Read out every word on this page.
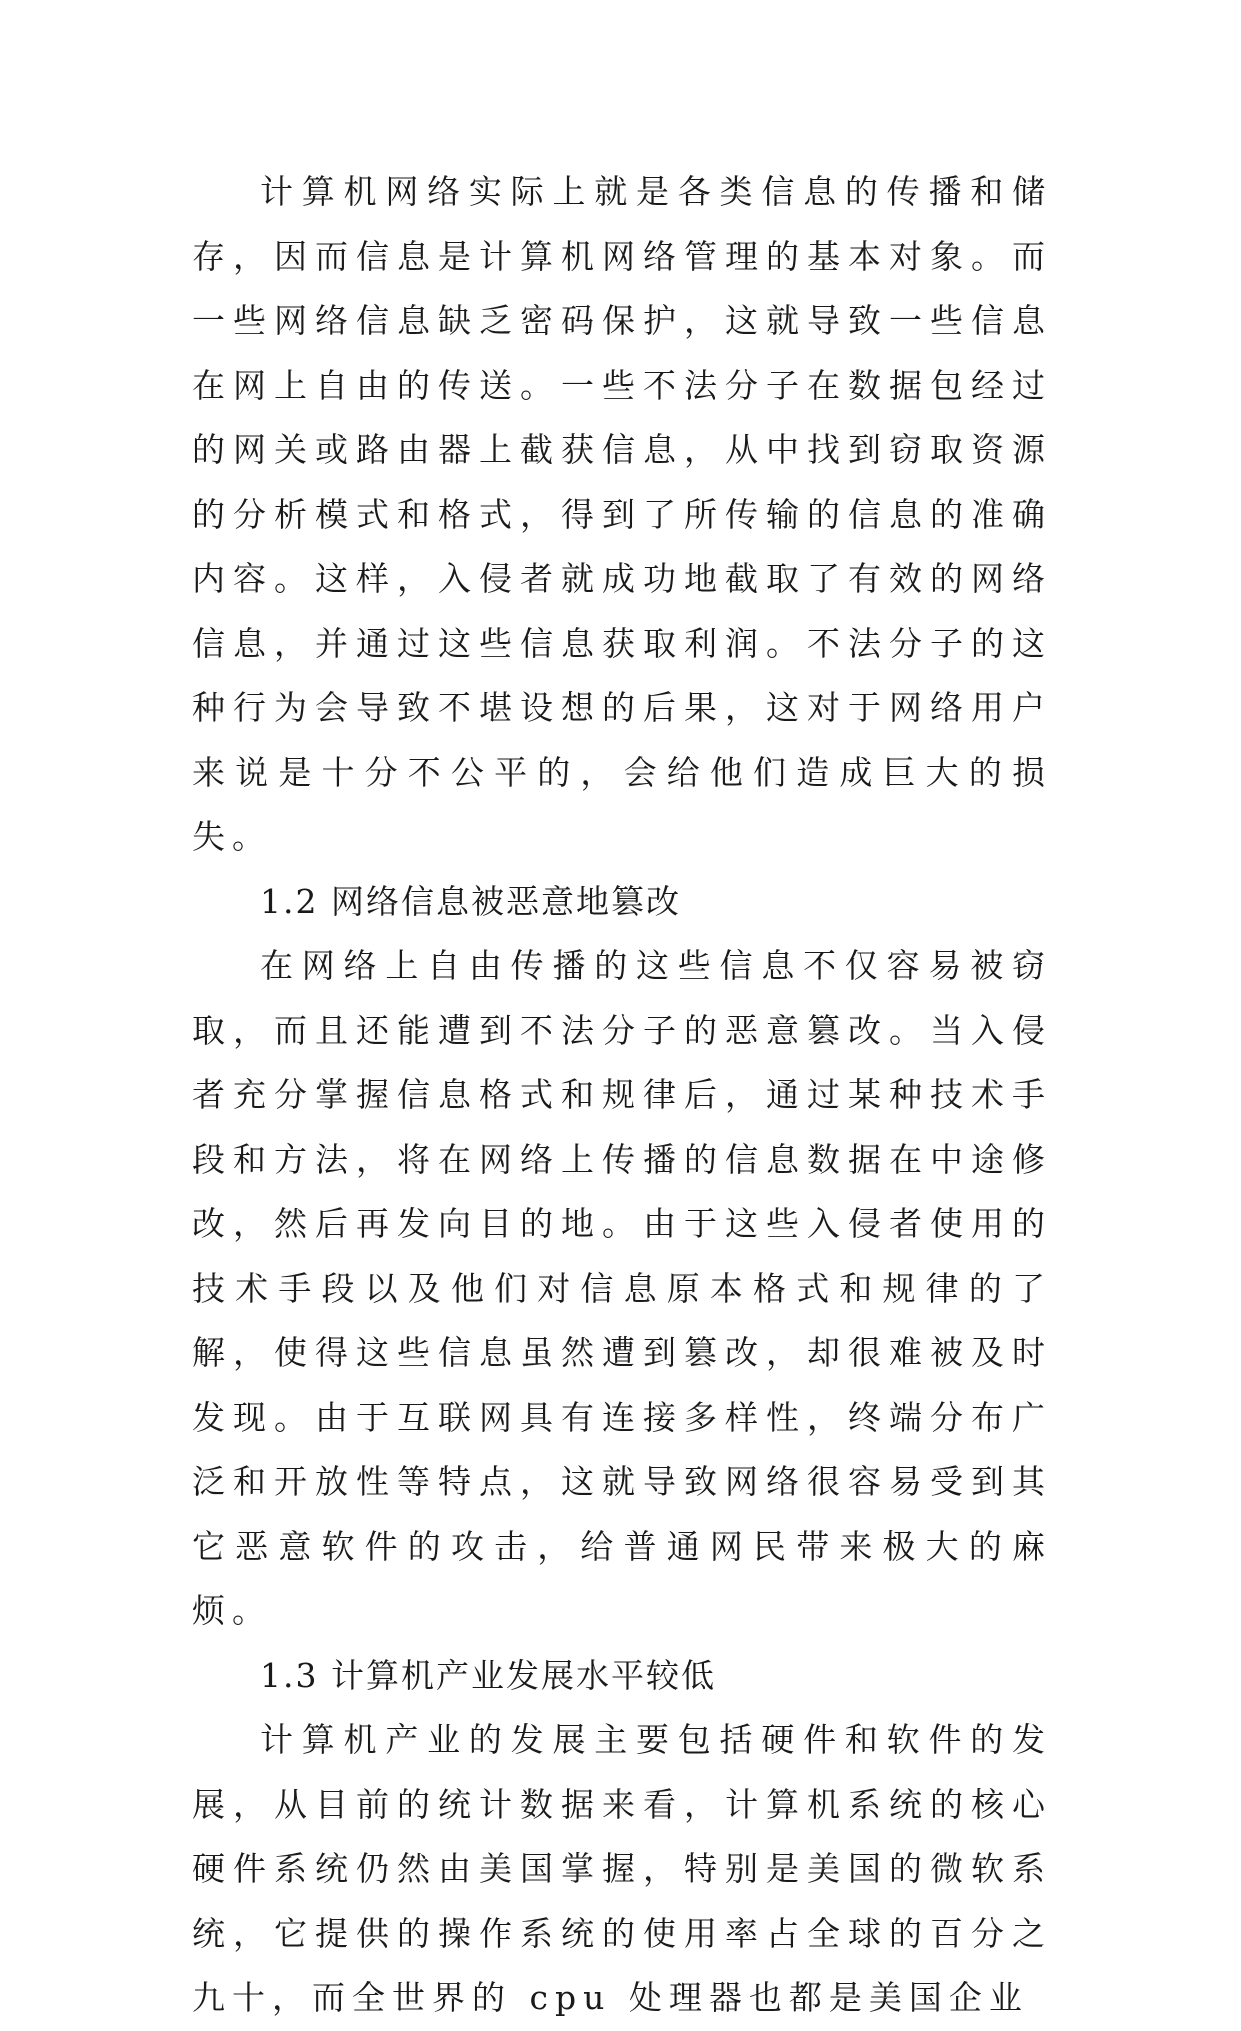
计算机网络实际上就是各类信息的传播和储存，因而信息是计算机网络管理的基本对象。而一些网络信息缺乏密码保护，这就导致一些信息在网上自由的传送。一些不法分子在数据包经过的网关或路由器上截获信息，从中找到窃取资源的分析模式和格式，得到了所传输的信息的准确内容。这样，入侵者就成功地截取了有效的网络信息，并通过这些信息获取利润。不法分子的这种行为会导致不堪设想的后果，这对于网络用户来说是十分不公平的，会给他们造成巨大的损失。

1.2 网络信息被恶意地篡改

在网络上自由传播的这些信息不仅容易被窃取，而且还能遭到不法分子的恶意篡改。当入侵者充分掌握信息格式和规律后，通过某种技术手段和方法，将在网络上传播的信息数据在中途修改，然后再发向目的地。由于这些入侵者使用的技术手段以及他们对信息原本格式和规律的了解，使得这些信息虽然遭到篡改，却很难被及时发现。由于互联网具有连接多样性，终端分布广泛和开放性等特点，这就导致网络很容易受到其它恶意软件的攻击，给普通网民带来极大的麻烦。

1.3 计算机产业发展水平较低

计算机产业的发展主要包括硬件和软件的发展，从目前的统计数据来看，计算机系统的核心硬件系统仍然由美国掌握，特别是美国的微软系统，它提供的操作系统的使用率占全球的百分之九十，而全世界的 cpu 处理器也都是美国企业
